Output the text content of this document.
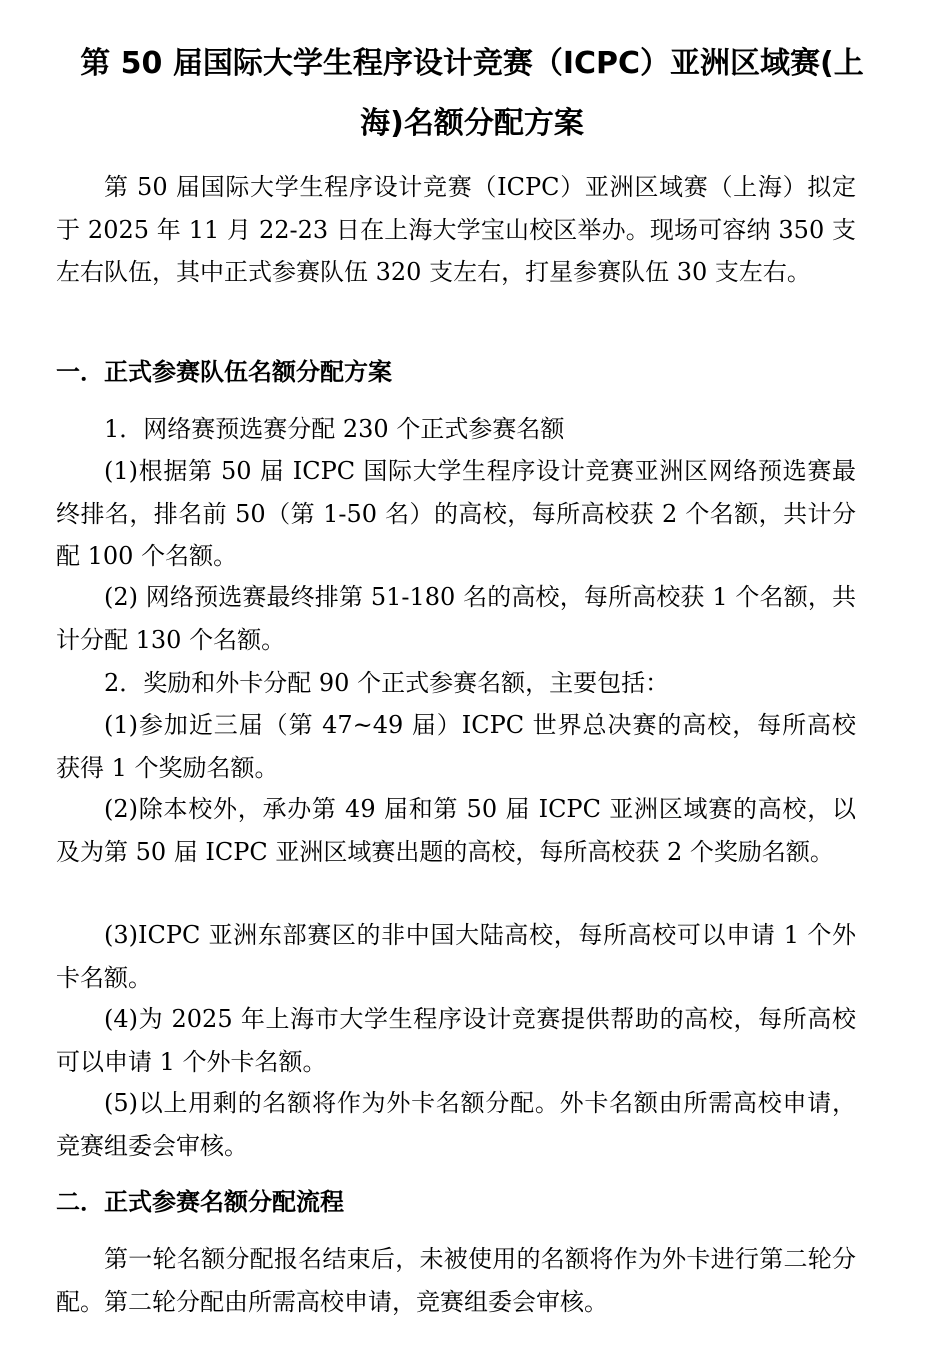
第 50 届国际大学生程序设计竞赛（ICPC）亚洲区域赛(上
海)名额分配方案

第 50 届国际大学生程序设计竞赛（ICPC）亚洲区域赛（上海）拟定于 2025 年 11 月 22-23 日在上海大学宝山校区举办。现场可容纳 350 支左右队伍，其中正式参赛队伍 320 支左右，打星参赛队伍 30 支左右。

一．正式参赛队伍名额分配方案

1．网络赛预选赛分配 230 个正式参赛名额

(1)根据第 50 届 ICPC 国际大学生程序设计竞赛亚洲区网络预选赛最终排名，排名前 50（第 1-50 名）的高校，每所高校获 2 个名额，共计分配 100 个名额。

(2) 网络预选赛最终排第 51-180 名的高校，每所高校获 1 个名额，共计分配 130 个名额。

2．奖励和外卡分配 90 个正式参赛名额，主要包括：

(1)参加近三届（第 47~49 届）ICPC 世界总决赛的高校，每所高校获得 1 个奖励名额。

(2)除本校外，承办第 49 届和第 50 届 ICPC 亚洲区域赛的高校，以及为第 50 届 ICPC 亚洲区域赛出题的高校，每所高校获 2 个奖励名额。

(3)ICPC 亚洲东部赛区的非中国大陆高校，每所高校可以申请 1 个外卡名额。

(4)为 2025 年上海市大学生程序设计竞赛提供帮助的高校，每所高校可以申请 1 个外卡名额。

(5)以上用剩的名额将作为外卡名额分配。外卡名额由所需高校申请，竞赛组委会审核。

二．正式参赛名额分配流程

第一轮名额分配报名结束后，未被使用的名额将作为外卡进行第二轮分配。第二轮分配由所需高校申请，竞赛组委会审核。
